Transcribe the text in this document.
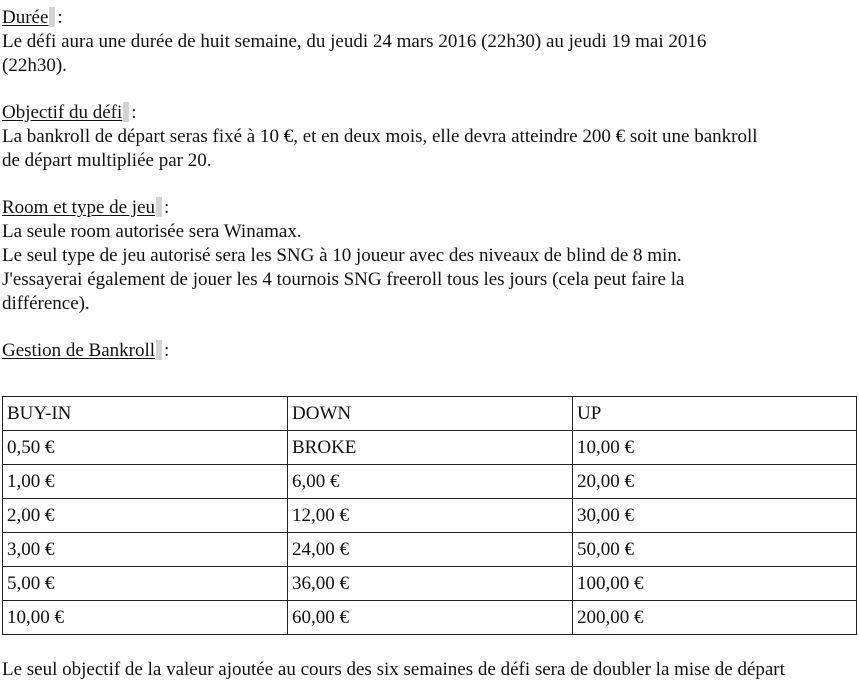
Durée :

Le défi aura une durée de huit semaine, du jeudi 24 mars 2016 (22h30) au jeudi 19 mai 2016

(22h30).

Objectif du défi :

La bankroll de départ seras fixé à 10 €, et en deux mois, elle devra atteindre 200 € soit une bankroll

de départ multipliée par 20.

Room et type de jeu :

La seule room autorisée sera Winamax.

Le seul type de jeu autorisé sera les SNG à 10 joueur avec des niveaux de blind de 8 min.

J'essayerai également de jouer les 4 tournois SNG freeroll tous les jours (cela peut faire la

différence).

Gestion de Bankroll :

BUY-IN	DOWN	UP
0,50 €	BROKE	10,00 €
1,00 €	6,00 €	20,00 €
2,00 €	12,00 €	30,00 €
3,00 €	24,00 €	50,00 €
5,00 €	36,00 €	100,00 €
10,00 €	60,00 €	200,00 €
Le seul objectif de la valeur ajoutée au cours des six semaines de défi sera de doubler la mise de départ
